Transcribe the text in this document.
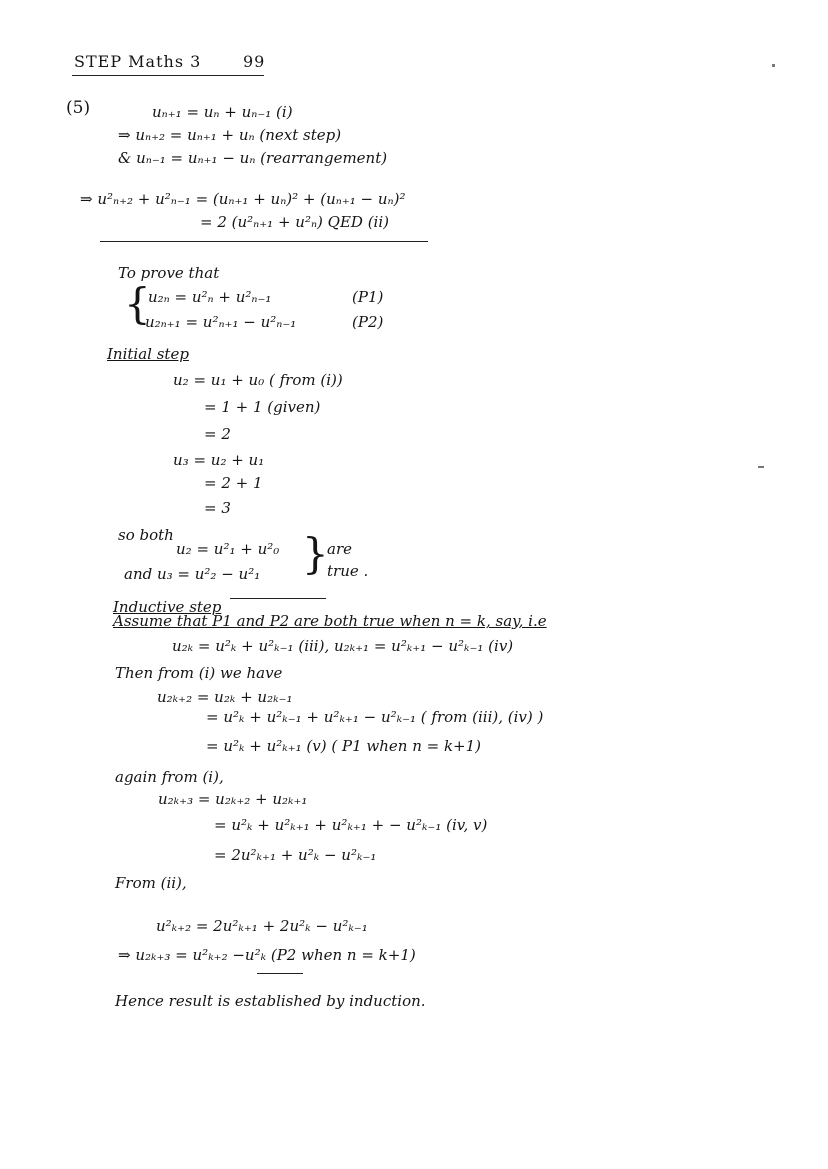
STEP Maths 3	99
(5)	uₙ₊₁ = uₙ + uₙ₋₁ (i)
⇒ uₙ₊₂ = uₙ₊₁ + uₙ (next step)
& uₙ₋₁ = uₙ₊₁ − uₙ (rearrangement)
⇒ u²ₙ₊₂ + u²ₙ₋₁ = (uₙ₊₁ + uₙ)² + (uₙ₊₁ − uₙ)²
= 2 (u²ₙ₊₁ + u²ₙ) QED (ii)
To prove that
{
u₂ₙ = u²ₙ + u²ₙ₋₁	(P1)
u₂ₙ₊₁ = u²ₙ₊₁ − u²ₙ₋₁	(P2)
Initial step
u₂ = u₁ + u₀ ( from (i))
= 1 + 1 (given)
= 2
u₃ = u₂ + u₁
= 2 + 1
= 3
so both
u₂ = u²₁ + u²₀
and u₃ = u²₂ − u²₁ }
are
true .
Inductive step
Assume that P1 and P2 are both true when n = k, say, i.e
u₂ₖ = u²ₖ + u²ₖ₋₁ (iii), u₂ₖ₊₁ = u²ₖ₊₁ − u²ₖ₋₁ (iv)
Then from (i) we have
u₂ₖ₊₂ = u₂ₖ + u₂ₖ₋₁
= u²ₖ + u²ₖ₋₁ + u²ₖ₊₁ − u²ₖ₋₁ ( from (iii), (iv) )
= u²ₖ + u²ₖ₊₁ (v) ( P1 when n = k+1)
again from (i),
u₂ₖ₊₃ = u₂ₖ₊₂ + u₂ₖ₊₁
= u²ₖ + u²ₖ₊₁ + u²ₖ₊₁ + − u²ₖ₋₁ (iv, v)
= 2u²ₖ₊₁ + u²ₖ − u²ₖ₋₁
From (ii),
u²ₖ₊₂ = 2u²ₖ₊₁ + 2u²ₖ − u²ₖ₋₁
⇒ u₂ₖ₊₃ = u²ₖ₊₂ −u²ₖ (P2 when n = k+1)
Hence result is established by induction.
